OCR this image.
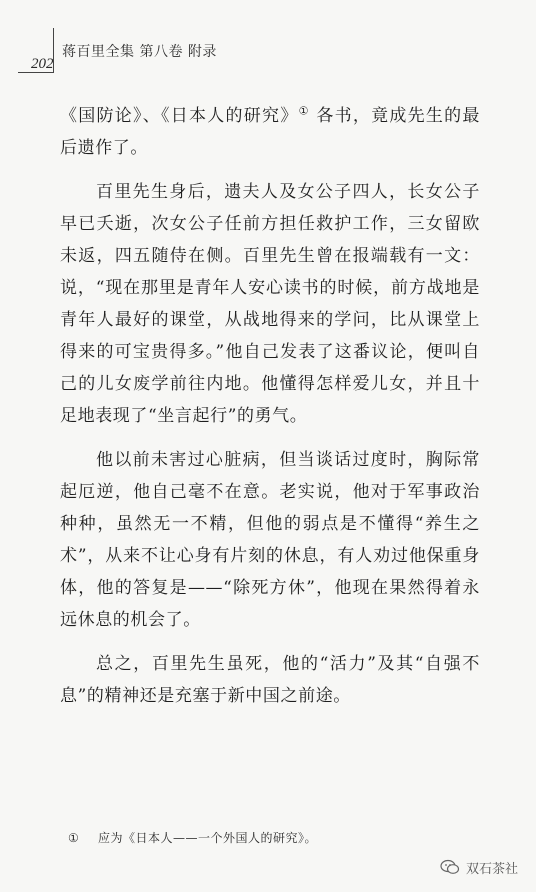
202
蒋百里全集 第八卷 附录

《国防论》、《日本人的研究》① 各书，竟成先生的最后遗作了。

百里先生身后，遗夫人及女公子四人，长女公子早已夭逝，次女公子任前方担任救护工作，三女留欧未返，四五随侍在侧。百里先生曾在报端载有一文：说，“现在那里是青年人安心读书的时候，前方战地是青年人最好的课堂，从战地得来的学问，比从课堂上得来的可宝贵得多。”他自己发表了这番议论，便叫自己的儿女废学前往内地。他懂得怎样爱儿女，并且十足地表现了“坐言起行”的勇气。

他以前未害过心脏病，但当谈话过度时，胸际常起厄逆，他自己毫不在意。老实说，他对于军事政治种种，虽然无一不精，但他的弱点是不懂得“养生之术”，从来不让心身有片刻的休息，有人劝过他保重身体，他的答复是——“除死方休”，他现在果然得着永远休息的机会了。

总之，百里先生虽死，他的“活力”及其“自强不息”的精神还是充塞于新中国之前途。

① 应为《日本人——一个外国人的研究》。
双石茶社
